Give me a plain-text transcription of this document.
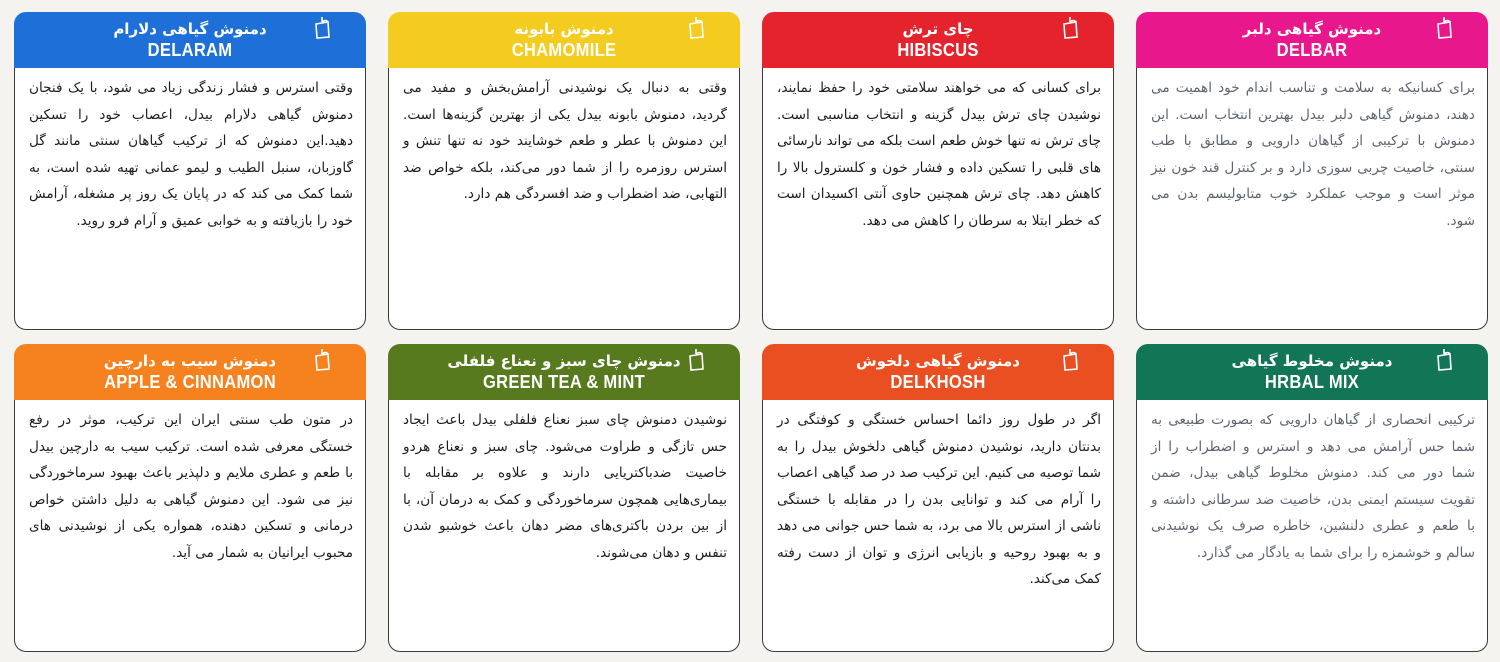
دمنوش گیاهی دلارام
DELARAM
وقتی استرس و فشار زندگی زیاد می شود، با یک فنجان دمنوش گیاهی دلارام بیدل، اعصاب خود را تسکین دهید.این دمنوش که از ترکیب گیاهان سنتی مانند گل گاوزبان، سنبل الطیب و لیمو عمانی تهیه شده است، به شما کمک می کند که در پایان یک روز پر مشغله، آرامش خود را بازیافته و به خوابی عمیق و آرام فرو روید.
دمنوش بابونه
CHAMOMILE
وقتی به دنبال یک نوشیدنی آرامش‌بخش و مفید می گردید، دمنوش بابونه بیدل یکی از بهترین گزینه‌ها است. این دمنوش با عطر و طعم خوشایند خود نه تنها تنش و استرس روزمره را از شما دور می‌کند، بلکه خواص ضد التهابی، ضد اضطراب و ضد افسردگی هم دارد.
چای ترش
HIBISCUS
برای کسانی که می خواهند سلامتی خود را حفظ نمایند، نوشیدن چای ترش بیدل گزینه و انتخاب مناسبی است. چای ترش نه تنها خوش طعم است بلکه می تواند نارسائی های قلبی را تسکین داده و فشار خون و کلسترول بالا را کاهش دهد. چای ترش همچنین حاوی آنتی اکسیدان است که خطر ابتلا به سرطان را کاهش می دهد.
دمنوش گیاهی دلبر
DELBAR
برای کسانیکه به سلامت و تناسب اندام خود اهمیت می دهند، دمنوش گیاهی دلبر بیدل بهترین انتخاب است. این دمنوش با ترکیبی از گیاهان دارویی و مطابق با طب سنتی، خاصیت چربی سوزی دارد و بر کنترل قند خون نیز موثر است و موجب عملکرد خوب متابولیسم بدن می شود.
دمنوش سیب به دارچین
APPLE & CINNAMON
در متون طب سنتی ایران این ترکیب، موثر در رفع خستگی معرفی شده است. ترکیب سیب به دارچین بیدل با طعم و عطری ملایم و دلپذیر باعث بهبود سرماخوردگی نیز می شود. این دمنوش گیاهی به دلیل داشتن خواص درمانی و تسکین دهنده، همواره یکی از نوشیدنی های محبوب ایرانیان به شمار می آید.
دمنوش چای سبز و نعناع فلفلی
GREEN TEA & MINT
نوشیدن دمنوش چای سبز نعناع فلفلی بیدل باعث ایجاد حس تازگی و طراوت می‌شود. چای سبز و نعناع هردو خاصیت ضدباکتریایی دارند و علاوه بر مقابله با بیماری‌هایی همچون سرماخوردگی و کمک به درمان آن، با از بین بردن باکتری‌های مضر دهان باعث خوشبو شدن تنفس و دهان می‌شوند.
دمنوش گیاهی دلخوش
DELKHOSH
اگر در طول روز دائما احساس خستگی و کوفتگی در بدنتان دارید، نوشیدن دمنوش گیاهی دلخوش بیدل را به شما توصیه می کنیم. این ترکیب صد در صد گیاهی اعصاب را آرام می کند و توانایی بدن را در مقابله با خستگی ناشی از استرس بالا می برد، به شما حس جوانی می دهد و به بهبود روحیه و بازیابی انرژی و توان از دست رفته کمک می‌کند.
دمنوش مخلوط گیاهی
HRBAL MIX
ترکیبی انحصاری از گیاهان دارویی که بصورت طبیعی به شما حس آرامش می دهد و استرس و اضطراب را از شما دور می کند. دمنوش مخلوط گیاهی بیدل، ضمن تقویت سیستم ایمنی بدن، خاصیت ضد سرطانی داشته و با طعم و عطری دلنشین، خاطره صرف یک نوشیدنی سالم و خوشمزه را برای شما به یادگار می گذارد.
